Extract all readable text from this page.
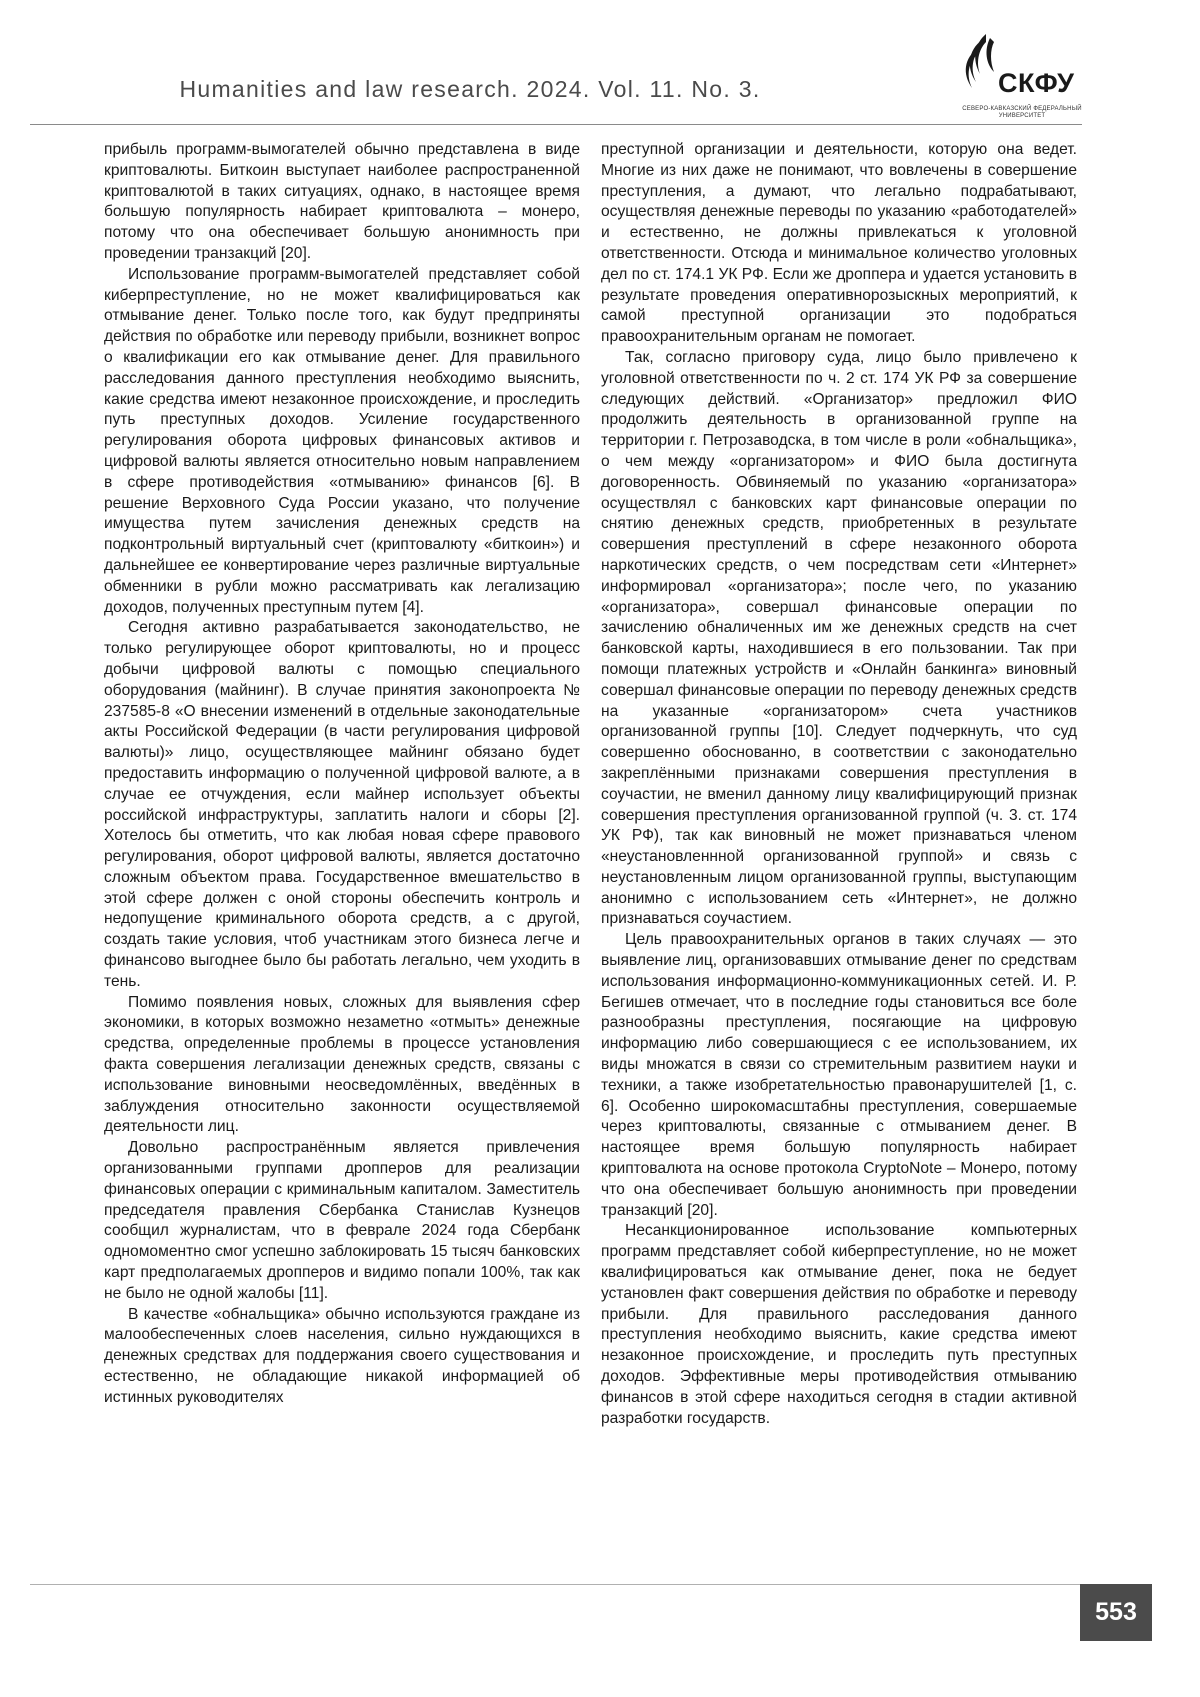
Humanities and law research. 2024. Vol. 11. No. 3.	СКФУ
СЕВЕРО-КАВКАЗСКИЙ ФЕДЕРАЛЬНЫЙ УНИВЕРСИТЕТ

прибыль программ-вымогателей обычно представлена в виде криптовалюты. Биткоин выступает наиболее распространенной криптовалютой в таких ситуациях, однако, в настоящее время большую популярность набирает криптовалюта – монеро, потому что она обеспечивает большую анонимность при проведении транзакций [20].

Использование программ-вымогателей представляет собой киберпреступление, но не может квалифицироваться как отмывание денег. Только после того, как будут предприняты действия по обработке или переводу прибыли, возникнет вопрос о квалификации его как отмывание денег. Для правильного расследования данного преступления необходимо выяснить, какие средства имеют незаконное происхождение, и проследить путь преступных доходов. Усиление государственного регулирования оборота цифровых финансовых активов и цифровой валюты является относительно новым направлением в сфере противодействия «отмыванию» финансов [6]. В решение Верховного Суда России указано, что получение имущества путем зачисления денежных средств на подконтрольный виртуальный счет (криптовалюту «биткоин») и дальнейшее ее конвертирование через различные виртуальные обменники в рубли можно рассматривать как легализацию доходов, полученных преступным путем [4].

Сегодня активно разрабатывается законодательство, не только регулирующее оборот криптовалюты, но и процесс добычи цифровой валюты с помощью специального оборудования (майнинг). В случае принятия законопроекта № 237585-8 «О внесении изменений в отдельные законодательные акты Российской Федерации (в части регулирования цифровой валюты)» лицо, осуществляющее майнинг обязано будет предоставить информацию о полученной цифровой валюте, а в случае ее отчуждения, если майнер использует объекты российской инфраструктуры, заплатить налоги и сборы [2]. Хотелось бы отметить, что как любая новая сфере правового регулирования, оборот цифровой валюты, является достаточно сложным объектом права. Государственное вмешательство в этой сфере должен с оной стороны обеспечить контроль и недопущение криминального оборота средств, а с другой, создать такие условия, чтоб участникам этого бизнеса легче и финансово выгоднее было бы работать легально, чем уходить в тень.

Помимо появления новых, сложных для выявления сфер экономики, в которых возможно незаметно «отмыть» денежные средства, определенные проблемы в процессе установления факта совершения легализации денежных средств, связаны с использование виновными неосведомлённых, введённых в заблуждения относительно законности осуществляемой деятельности лиц.

Довольно распространённым является привлечения организованными группами дропперов для реализации финансовых операции с криминальным капиталом. Заместитель председателя правления Сбербанка Станислав Кузнецов сообщил журналистам, что в феврале 2024 года Сбербанк одномоментно смог успешно заблокировать 15 тысяч банковских карт предполагаемых дропперов и видимо попали 100%, так как не было не одной жалобы [11].

В качестве «обнальщика» обычно используются граждане из малообеспеченных слоев населения, сильно нуждающихся в денежных средствах для поддержания своего существования и естественно, не обладающие никакой информацией об истинных руководителях

преступной организации и деятельности, которую она ведет. Многие из них даже не понимают, что вовлечены в совершение преступления, а думают, что легально подрабатывают, осуществляя денежные переводы по указанию «работодателей» и естественно, не должны привлекаться к уголовной ответственности. Отсюда и минимальное количество уголовных дел по ст. 174.1 УК РФ. Если же дроппера и удается установить в результате проведения оперативнорозыскных мероприятий, к самой преступной организации это подобраться правоохранительным органам не помогает.

Так, согласно приговору суда, лицо было привлечено к уголовной ответственности по ч. 2 ст. 174 УК РФ за совершение следующих действий. «Организатор» предложил ФИО продолжить деятельность в организованной группе на территории г. Петрозаводска, в том числе в роли «обнальщика», о чем между «организатором» и ФИО была достигнута договоренность. Обвиняемый по указанию «организатора» осуществлял с банковских карт финансовые операции по снятию денежных средств, приобретенных в результате совершения преступлений в сфере незаконного оборота наркотических средств, о чем посредствам сети «Интернет» информировал «организатора»; после чего, по указанию «организатора», совершал финансовые операции по зачислению обналиченных им же денежных средств на счет банковской карты, находившиеся в его пользовании. Так при помощи платежных устройств и «Онлайн банкинга» виновный совершал финансовые операции по переводу денежных средств на указанные «организатором» счета участников организованной группы [10]. Следует подчеркнуть, что суд совершенно обоснованно, в соответствии с законодательно закреплёнными признаками совершения преступления в соучастии, не вменил данному лицу квалифицирующий признак совершения преступления организованной группой (ч. 3. ст. 174 УК РФ), так как виновный не может признаваться членом «неустановленнной организованной группой» и связь с неустановленным лицом организованной группы, выступающим анонимно с использованием сеть «Интернет», не должно признаваться соучастием.

Цель правоохранительных органов в таких случаях — это выявление лиц, организовавших отмывание денег по средствам использования информационно-коммуникационных сетей. И. Р. Бегишев отмечает, что в последние годы становиться все боле разнообразны преступления, посягающие на цифровую информацию либо совершающиеся с ее использованием, их виды множатся в связи со стремительным развитием науки и техники, а также изобретательностью правонарушителей [1, с. 6]. Особенно широкомасштабны преступления, совершаемые через криптовалюты, связанные с отмыванием денег. В настоящее время большую популярность набирает криптовалюта на основе протокола CryptoNote – Монеро, потому что она обеспечивает большую анонимность при проведении транзакций [20].

Несанкционированное использование компьютерных программ представляет собой киберпреступление, но не может квалифицироваться как отмывание денег, пока не бедует установлен факт совершения действия по обработке и переводу прибыли. Для правильного расследования данного преступления необходимо выяснить, какие средства имеют незаконное происхождение, и проследить путь преступных доходов. Эффективные меры противодействия отмыванию финансов в этой сфере находиться сегодня в стадии активной разработки государств.

553
